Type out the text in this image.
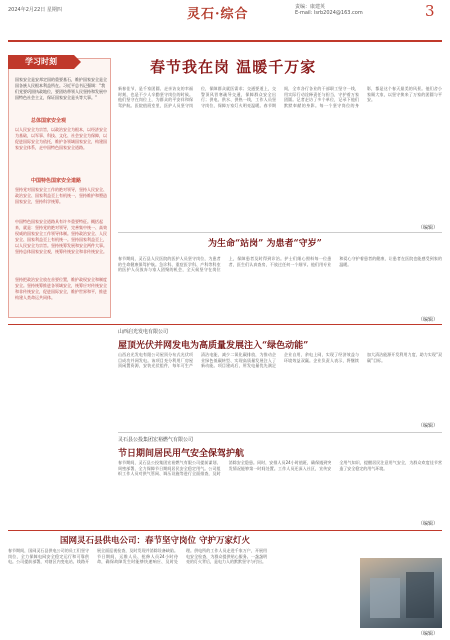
2024年2月22日 星期四	责编：康建英
E-mail: lsrb2024@163.com	3
灵石·综合
学习时刻
国家安全是安邦定国的重要基石，维护国家安全是全国各族人民根本利益所在。习近平总书记强调：“我们党要巩固执政地位，要团结带领人民坚持和发展中国特色社会主义，保证国家安全是头等大事。”
总体国家安全观
以人民安全为宗旨，以政治安全为根本，以经济安全为基础，以军事、科技、文化、社会安全为保障，以促进国际安全为依托，维护各领域国家安全，构建国家安全体系，走中国特色国家安全道路。
中国特色国家安全道路
坚持党对国家安全工作的绝对领导，坚持人民安全、政治安全、国家利益至上有机统一，坚持维护和塑造国家安全，坚持科学统筹。
中国特色国家安全道路具有许多重要特征。概括起来，就是：坚持党的绝对领导，完善集中统一、高效权威的国家安全工作领导体制。坚持政治安全、人民安全、国家利益至上有机统一。坚持国家利益至上，以人民安全为宗旨。坚持统筹发展和安全两件大事。坚持总体国家安全观，统筹传统安全和非传统安全。
坚持把政治安全放在首要位置，维护政权安全和制度安全。坚持统筹推进各领域安全，统筹应对传统安全和非传统安全，促进国际安全，维护世界和平，推进构建人类命运共同体。
春节我在岗 温暖千万家
新春佳节，是千家团圆、走亲访友的幸福时刻，也是不少人辛勤坚守岗位的时候。他们坚守在岗位上，为群众的平安祥和保驾护航。医院值班室里，医护人员坚守岗位，保障群众就医需求；交通要道上，交警顶风冒寒疏导交通，保障群众安全出行；供电、供水、供热一线，工作人员坚守岗位，保障万家灯火明亮温暖。春节期间，全市各行各业的干部职工坚守一线，用实际行动诠释责任与担当，守护着万家团圆。记者走访了多个单位，记录下他们默默奉献的身影。每一个坚守岗位的身影，都是这个春天最美的风景。他们舍小家顾大家，以坚守换来了万家的团圆与平安。
（编辑）
为生命“站岗” 为患者“守岁”
春节期间，灵石县人民医院的医护人员坚守岗位，为患者的生命健康保驾护航。急诊科、重症医学科、产科等科室的医护人员放弃与家人团聚的机会，全天候坚守在岗位上，保障患者及时得到诊治。护士们细心照料每一位患者，医生们认真查房，不放过任何一个细节。他们用专业和爱心守护着患者的健康，让患者在医院也能感受到家的温暖。
（编辑）
山西启光发电有限公司
屋顶光伏并网发电为高质量发展注入“绿色动能”
山西启光发电有限公司屋顶分布式光伏项目成功并网发电。该项目充分利用厂房屋顶闲置资源，安装光伏组件，每年可生产清洁电能，减少二氧化碳排放，为推动企业绿色低碳转型、实现高质量发展注入了新动能。项目建成后，所发电量优先满足企业自用，余电上网，实现了经济效益与环境效益双赢。企业负责人表示，将继续加大清洁能源开发利用力度，助力实现“双碳”目标。
（编辑）
灵石县公投集团宏裕燃气有限公司
节日期间居民用气安全保驾护航
春节期间，灵石县公投集团宏裕燃气有限公司提前谋划、周密部署，全力保障节日期间居民安全稳定用气。公司组织工作人员对供气管网、调压设施等进行全面排查，及时消除安全隐患。同时，安排人员24小时值班，确保遇到突发情况能够第一时间处置。工作人员还深入社区，宣传安全用气知识，提醒居民注意用气安全，为群众欢度佳节营造了安全稳定的用气环境。
（编辑）
国网灵石县供电公司：春节坚守岗位 守护万家灯火
春节期间，国网灵石县供电公司的员工们坚守岗位，全力保障电网安全稳定运行和可靠供电。公司提前部署，对辖区内变电站、线路开展全面巡视检查，及时发现并消除设备缺陷。节日期间，运维人员、抢修人员24小时待命，确保故障发生时能够快速响应、及时处理。供电所的工作人员走进千家万户，开展用电安全检查，为群众提供贴心服务。一盏盏明亮的灯火背后，是电力人的默默坚守与付出。
（编辑）
